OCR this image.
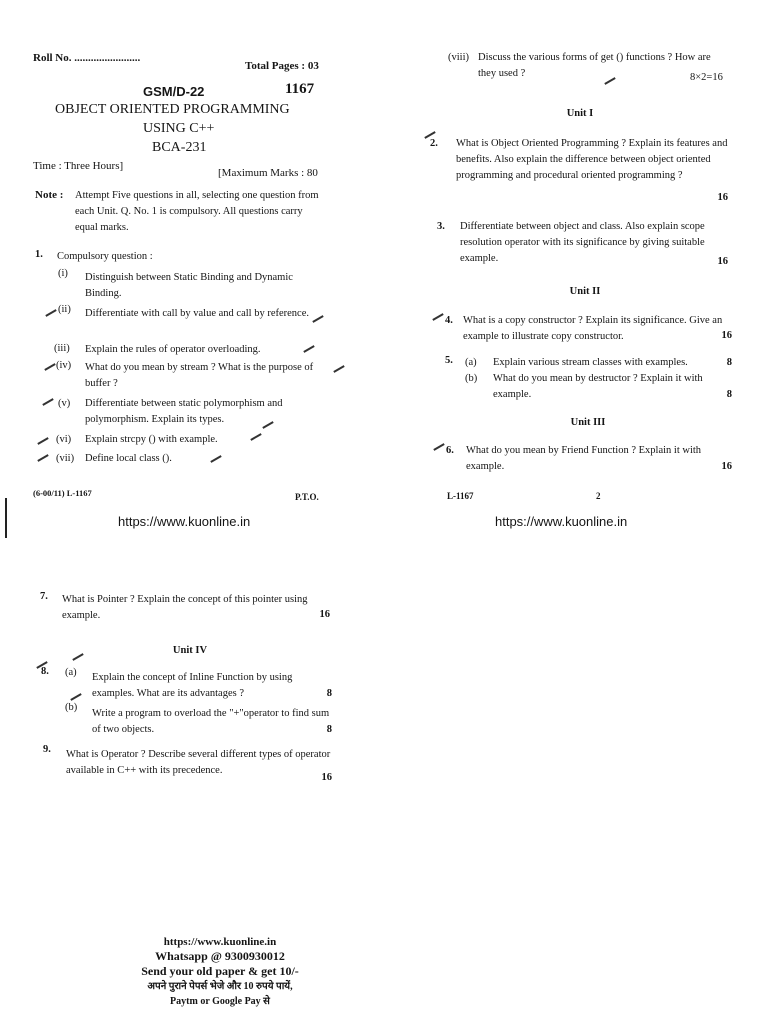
Roll No. ........................
Total Pages : 03
GSM/D-22	1167
OBJECT ORIENTED PROGRAMMING
USING C++
BCA-231
Time : Three Hours]
[Maximum Marks : 80
Note : Attempt Five questions in all, selecting one question from each Unit. Q. No. 1 is compulsory. All questions carry equal marks.
1. Compulsory question :
(i) Distinguish between Static Binding and Dynamic Binding.
(ii) Differentiate with call by value and call by reference.
(iii) Explain the rules of operator overloading.
(iv) What do you mean by stream ? What is the purpose of buffer ?
(v) Differentiate between static polymorphism and polymorphism. Explain its types.
(vi) Explain strcpy () with example.
(vii) Define local class ().
(6-00/11) L-1167	P.T.O.
https://www.kuonline.in
(viii) Discuss the various forms of get () functions ? How are they used ?	8×2=16
Unit I
2. What is Object Oriented Programming ? Explain its features and benefits. Also explain the difference between object oriented programming and procedural oriented programming ?
16
3. Differentiate between object and class. Also explain scope resolution operator with its significance by giving suitable example.	16
Unit II
4. What is a copy constructor ? Explain its significance. Give an example to illustrate copy constructor.	16
5. (a) Explain various stream classes with examples.	8
(b) What do you mean by destructor ? Explain it with example.	8
Unit III
6. What do you mean by Friend Function ? Explain it with example.	16
L-1167	2
https://www.kuonline.in
7. What is Pointer ? Explain the concept of this pointer using example.	16
Unit IV
8. (a) Explain the concept of Inline Function by using examples. What are its advantages ?	8
(b)
Write a program to overload the "+"operator to find sum of two objects.	8
9. What is Operator ? Describe several different types of operator available in C++ with its precedence.
16
https://www.kuonline.in
Whatsapp @ 9300930012
Send your old paper & get 10/-
अपने पुराने पेपर्स भेजे और 10 रुपये पायें,
Paytm or Google Pay से
